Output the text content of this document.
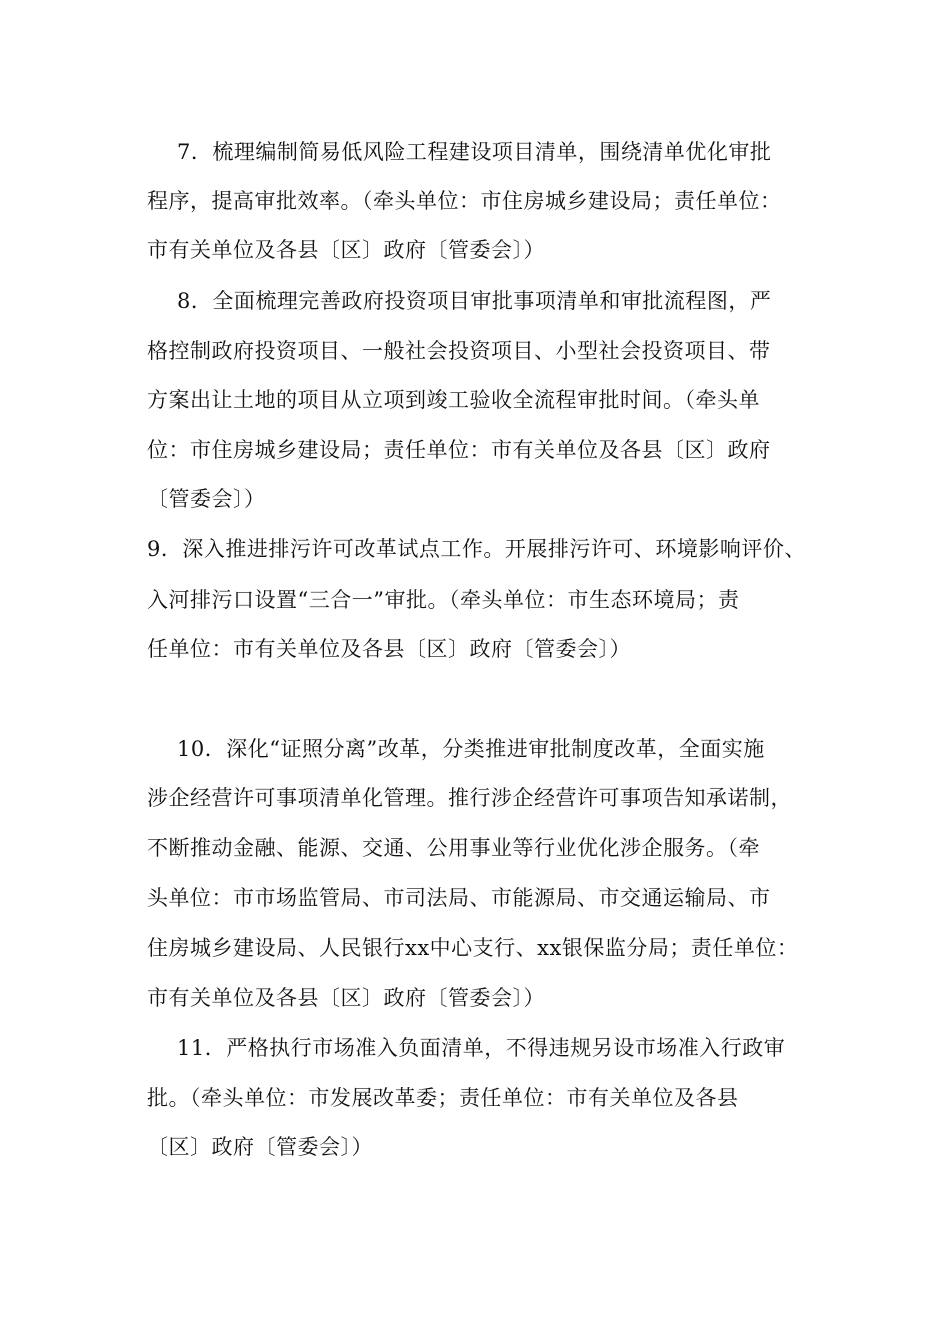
7．梳理编制简易低风险工程建设项目清单，围绕清单优化审批
程序，提高审批效率。（牵头单位：市住房城乡建设局；责任单位：
市有关单位及各县〔区〕政府〔管委会〕）
8．全面梳理完善政府投资项目审批事项清单和审批流程图，严
格控制政府投资项目、一般社会投资项目、小型社会投资项目、带
方案出让土地的项目从立项到竣工验收全流程审批时间。（牵头单
位：市住房城乡建设局；责任单位：市有关单位及各县〔区〕政府
〔管委会〕）
9．深入推进排污许可改革试点工作。开展排污许可、环境影响评价、
入河排污口设置“三合一”审批。（牵头单位：市生态环境局；责
任单位：市有关单位及各县〔区〕政府〔管委会〕）
10．深化“证照分离”改革，分类推进审批制度改革，全面实施
涉企经营许可事项清单化管理。推行涉企经营许可事项告知承诺制，
不断推动金融、能源、交通、公用事业等行业优化涉企服务。（牵
头单位：市市场监管局、市司法局、市能源局、市交通运输局、市
住房城乡建设局、人民银行xx中心支行、xx银保监分局；责任单位：
市有关单位及各县〔区〕政府〔管委会〕）
11．严格执行市场准入负面清单，不得违规另设市场准入行政审
批。（牵头单位：市发展改革委；责任单位：市有关单位及各县
〔区〕政府〔管委会〕）
